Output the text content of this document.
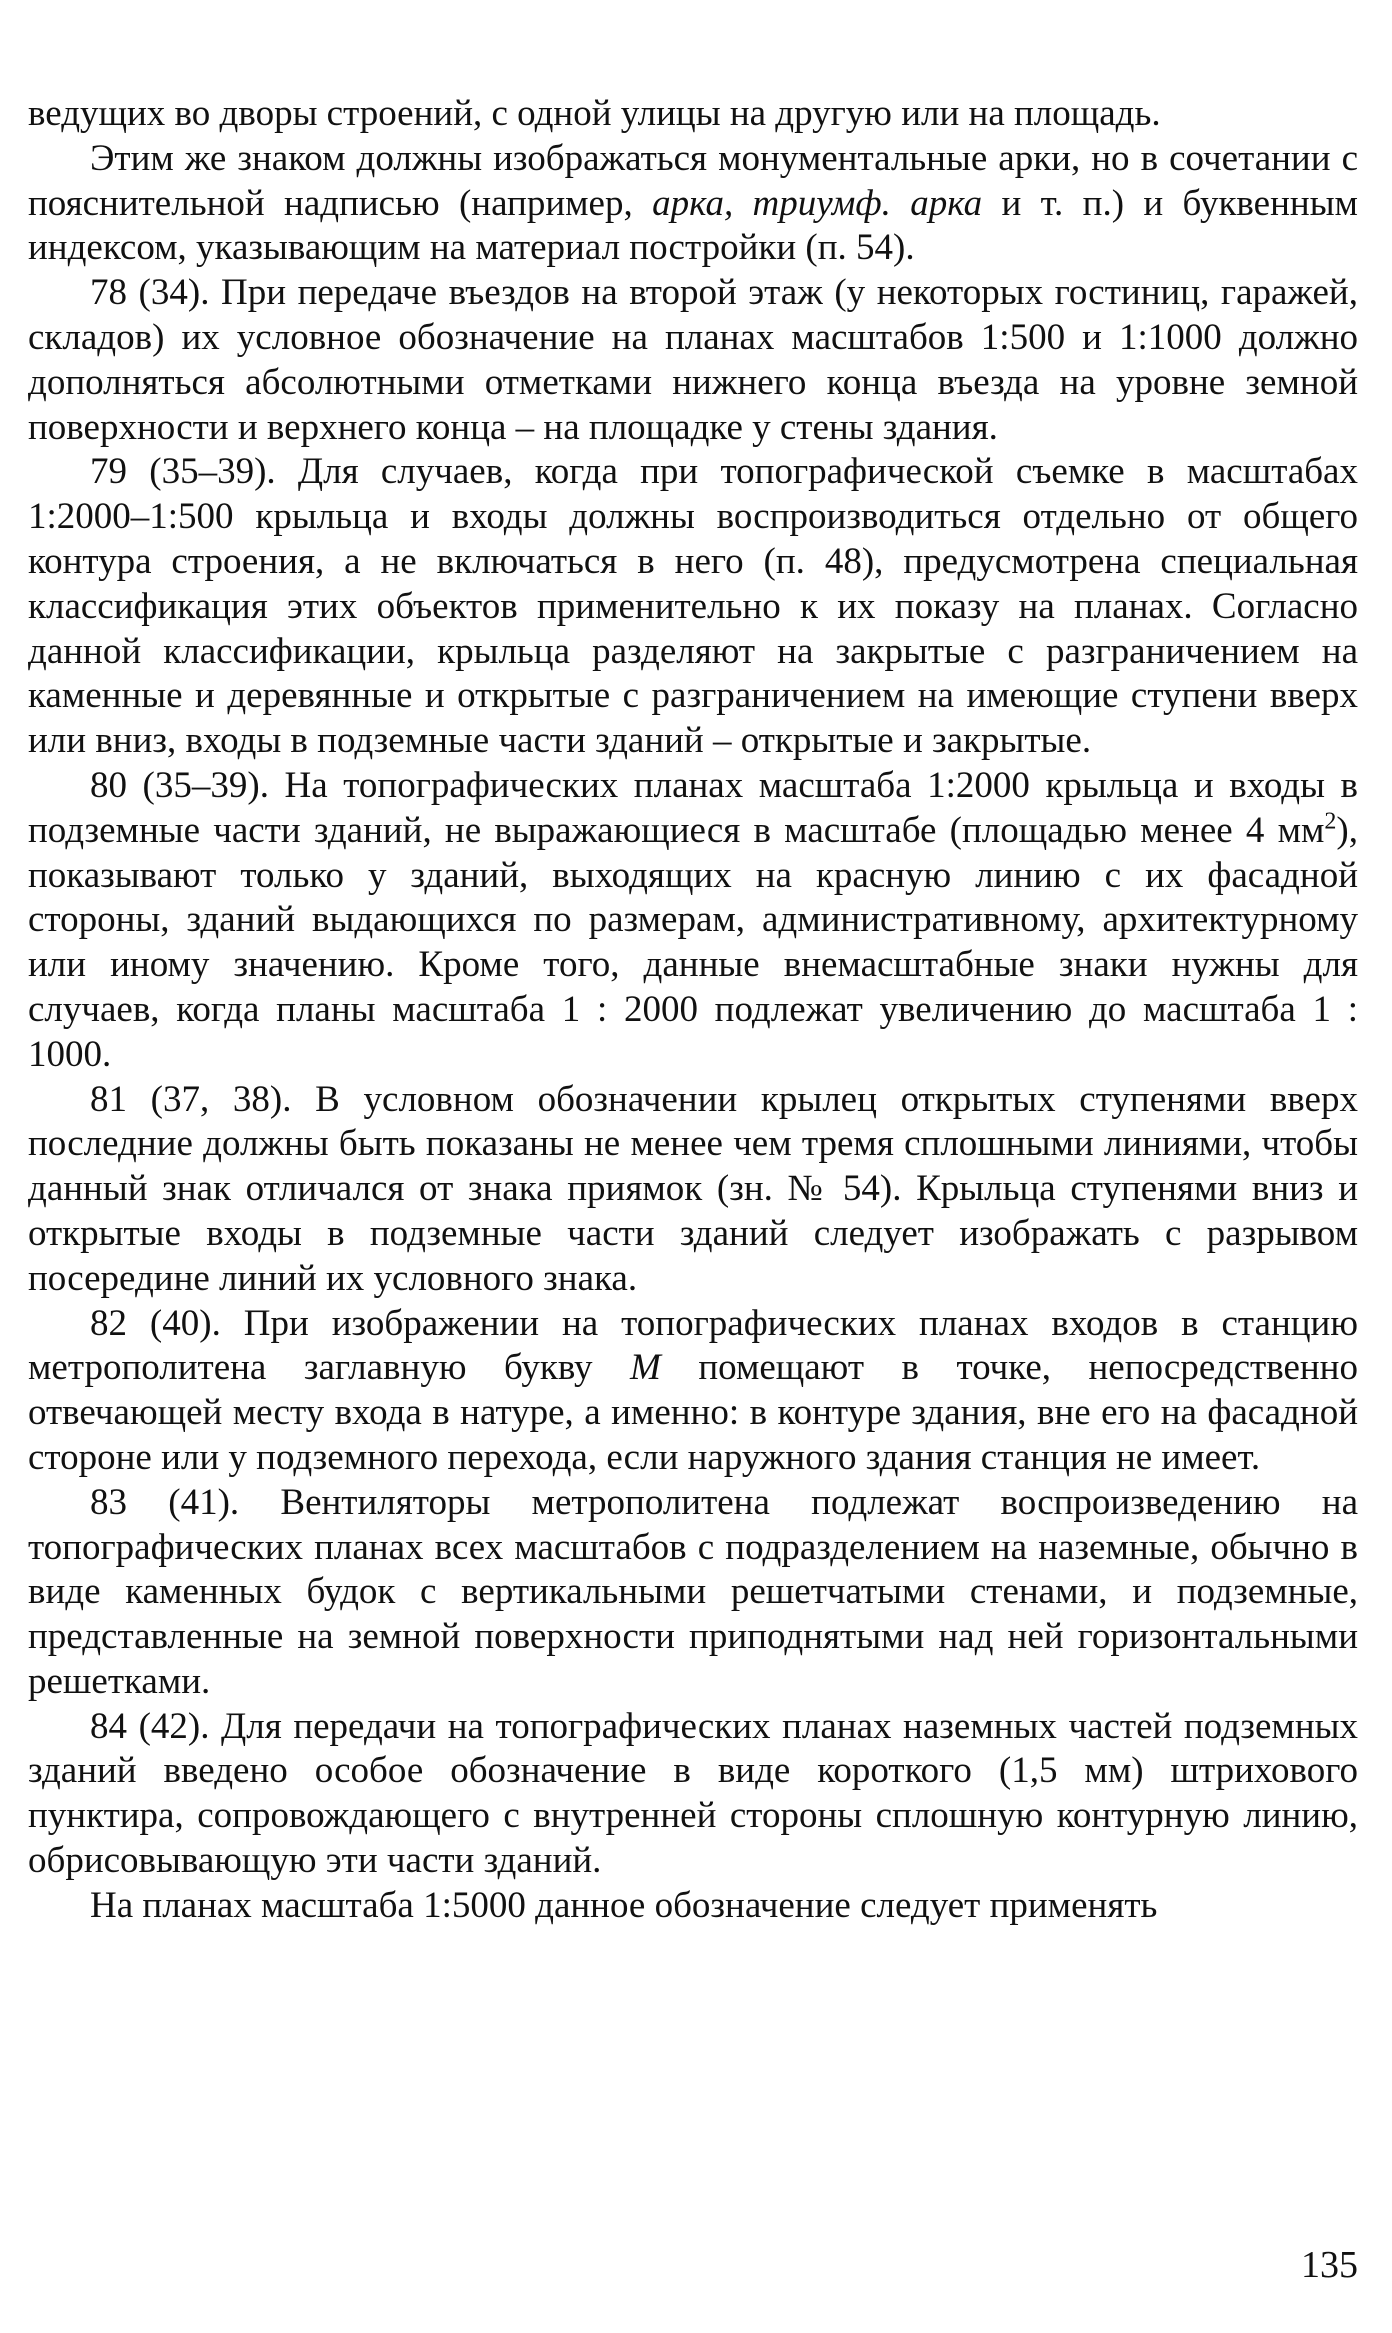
ведущих во дворы строений, с одной улицы на другую или на площадь.

Этим же знаком должны изображаться монументальные арки, но в сочетании с пояснительной надписью (например, арка, триумф. арка и т. п.) и буквенным индексом, указывающим на материал постройки (п. 54).

78 (34). При передаче въездов на второй этаж (у некоторых гостиниц, гаражей, складов) их условное обозначение на планах масштабов 1:500 и 1:1000 должно дополняться абсолютными отметками нижнего конца въезда на уровне земной поверхности и верхнего конца – на площадке у стены здания.

79 (35–39). Для случаев, когда при топографической съемке в масштабах 1:2000–1:500 крыльца и входы должны воспроизводиться отдельно от общего контура строения, а не включаться в него (п. 48), предусмотрена специальная классификация этих объектов применительно к их показу на планах. Согласно данной классификации, крыльца разделяют на закрытые с разграничением на каменные и деревянные и открытые с разграничением на имеющие ступени вверх или вниз, входы в подземные части зданий – открытые и закрытые.

80 (35–39). На топографических планах масштаба 1:2000 крыльца и входы в подземные части зданий, не выражающиеся в масштабе (площадью менее 4 $мм^2$), показывают только у зданий, выходящих на красную линию с их фасадной стороны, зданий выдающихся по размерам, административному, архитектурному или иному значению. Кроме того, данные внемасштабные знаки нужны для случаев, когда планы масштаба 1 : 2000 подлежат увеличению до масштаба 1 : 1000.

81 (37, 38). В условном обозначении крылец открытых ступенями вверх последние должны быть показаны не менее чем тремя сплошными линиями, чтобы данный знак отличался от знака приямок (зн. № 54). Крыльца ступенями вниз и открытые входы в подземные части зданий следует изображать с разрывом посередине линий их условного знака.

82 (40). При изображении на топографических планах входов в станцию метрополитена заглавную букву М помещают в точке, непосредственно отвечающей месту входа в натуре, а именно: в контуре здания, вне его на фасадной стороне или у подземного перехода, если наружного здания станция не имеет.

83 (41). Вентиляторы метрополитена подлежат воспроизведению на топографических планах всех масштабов с подразделением на наземные, обычно в виде каменных будок с вертикальными решетчатыми стенами, и подземные, представленные на земной поверхности приподнятыми над ней горизонтальными решетками.

84 (42). Для передачи на топографических планах наземных частей подземных зданий введено особое обозначение в виде короткого (1,5 мм) штрихового пунктира, сопровождающего с внутренней стороны сплошную контурную линию, обрисовывающую эти части зданий.

На планах масштаба 1:5000 данное обозначение следует применять

135
